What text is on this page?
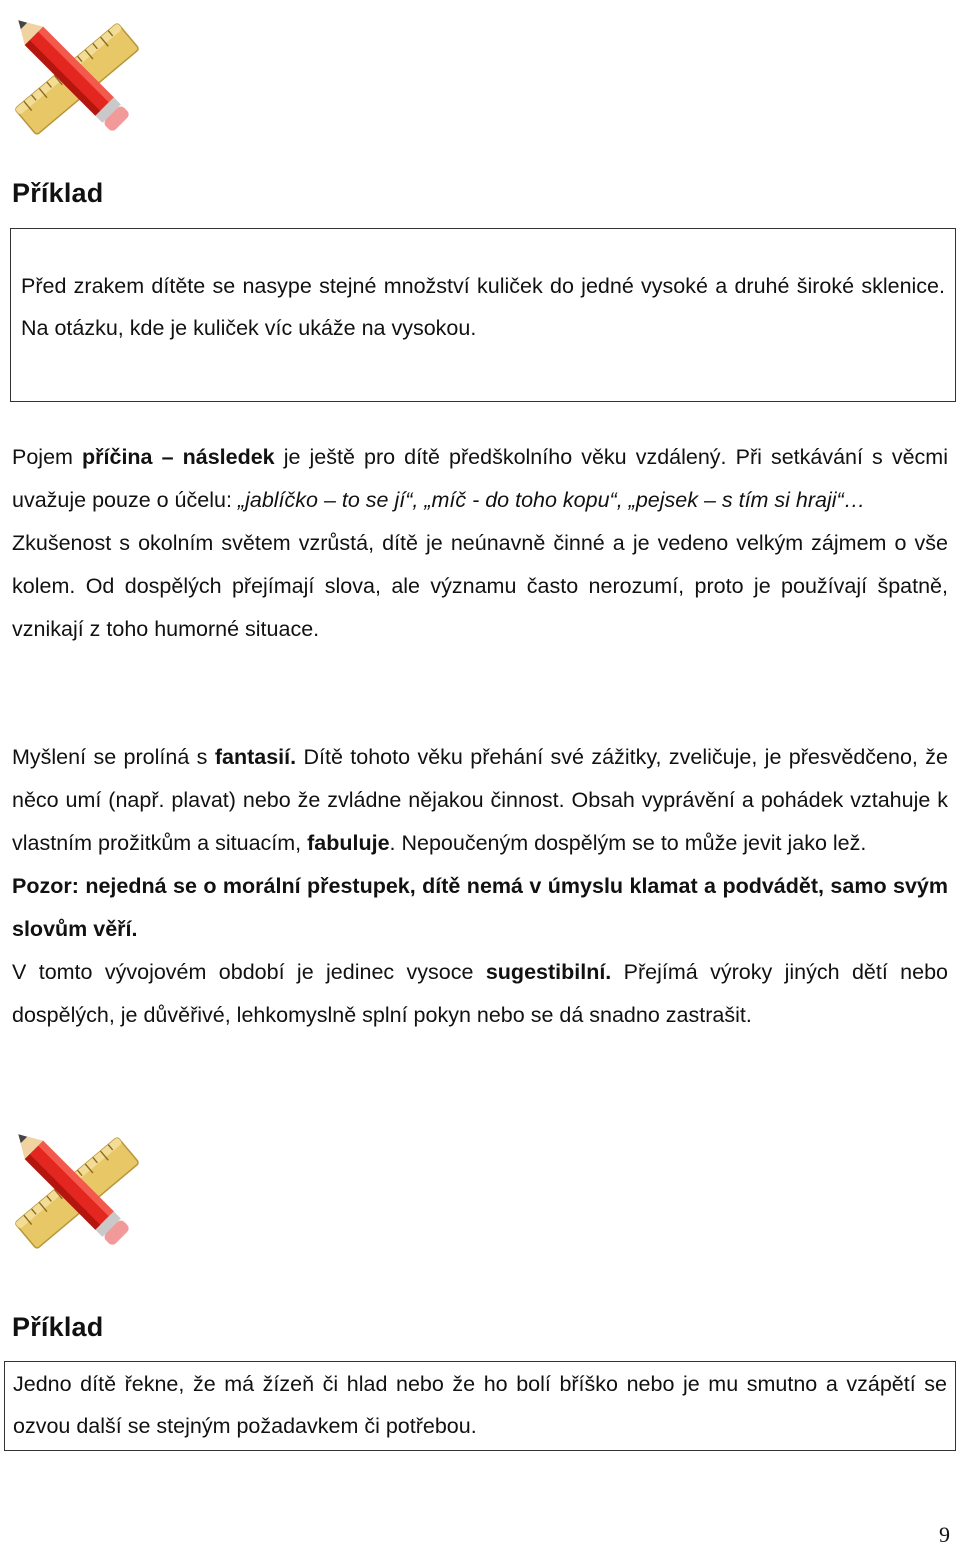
Příklad
Před zrakem dítěte se nasype stejné množství kuliček do jedné vysoké a druhé široké sklenice. Na otázku, kde je kuliček víc ukáže na vysokou.

Pojem příčina – následek je ještě pro dítě předškolního věku vzdálený. Při setkávání s věcmi uvažuje pouze o účelu: „jablíčko – to se jí“, „míč - do toho kopu“, „pejsek – s tím si hraji“…

Zkušenost s okolním světem vzrůstá, dítě je neúnavně činné a je vedeno velkým zájmem o vše kolem. Od dospělých přejímají slova, ale významu často nerozumí, proto je používají špatně, vznikají z toho humorné situace.

Myšlení se prolíná s fantasií. Dítě tohoto věku přehání své zážitky, zveličuje, je přesvědčeno, že něco umí (např. plavat) nebo že zvládne nějakou činnost. Obsah vyprávění a pohádek vztahuje k vlastním prožitkům a situacím, fabuluje. Nepoučeným dospělým se to může jevit jako lež.

Pozor: nejedná se o morální přestupek, dítě nemá v úmyslu klamat a podvádět, samo svým slovům věří.

V tomto vývojovém období je jedinec vysoce sugestibilní. Přejímá výroky jiných dětí nebo dospělých, je důvěřivé, lehkomyslně splní pokyn nebo se dá snadno zastrašit.

Příklad
Jedno dítě řekne, že má žízeň či hlad nebo že ho bolí bříško nebo je mu smutno a vzápětí se ozvou další se stejným požadavkem či potřebou.
9
